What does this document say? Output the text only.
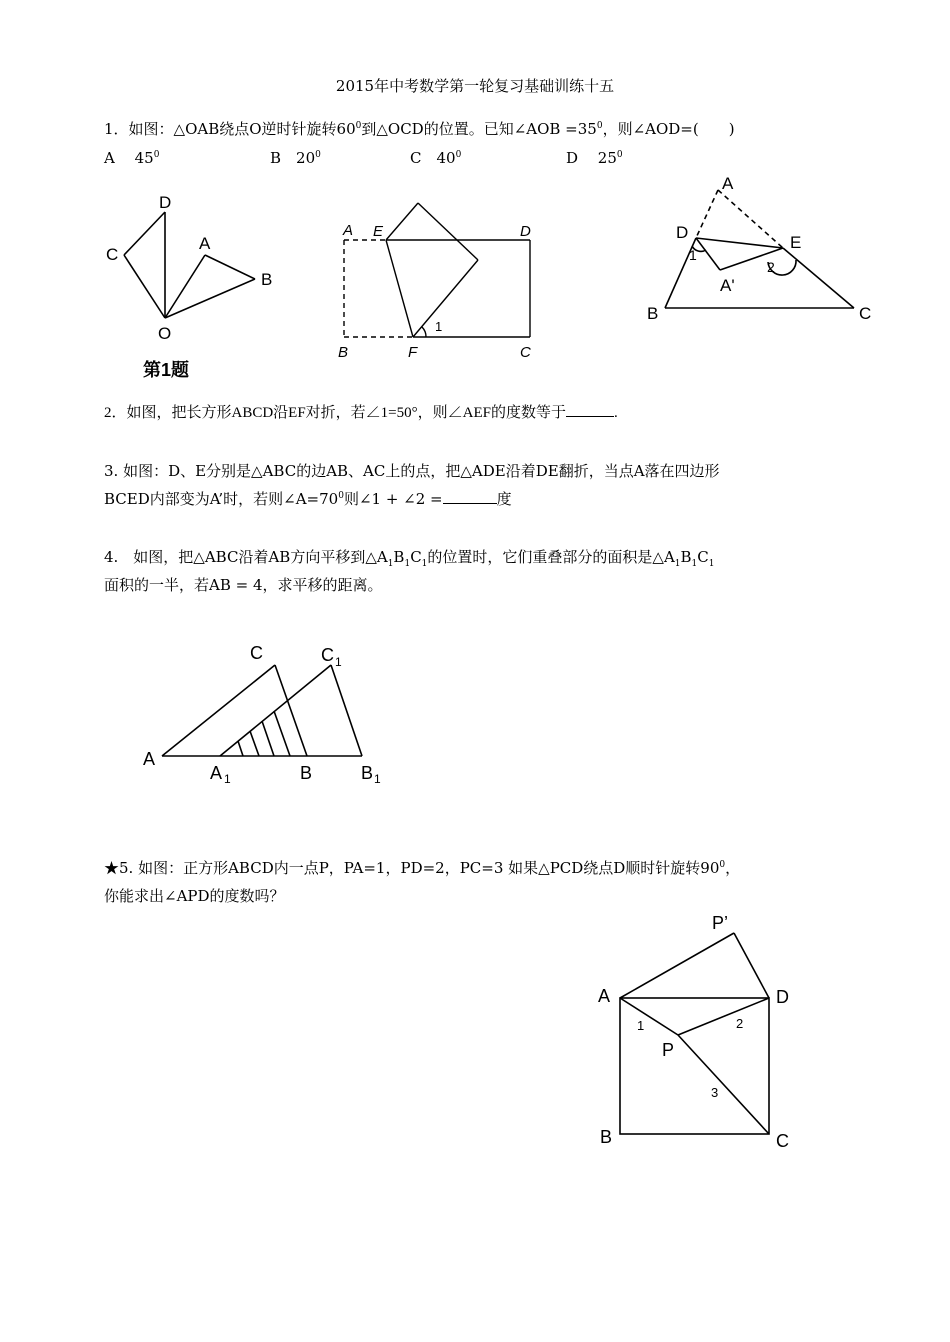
2015年中考数学第一轮复习基础训练十五
1．如图：△OAB绕点O逆时针旋转$60^0$到△OCD的位置。已知∠AOB $=35^0$，则∠AOD=(　　)
A　 $45^0$	B　$20^0$	C　$40^0$	D　 $25^0$
D
C
A
B
O
第1题
A E	D
B	F	C
1
A
D
E
A'
B	C
1
2
2．如图，把长方形ABCD沿EF对折，若∠1=50°，则∠AEF的度数等于	.
3. 如图：D、E分别是△ABC的边AB、AC上的点，把△ADE沿着DE翻折，当点A落在四边形
BCED内部变为A’时，若则$\angle A=70^0$则∠1 + ∠2 =	度
4.　如图，把△ABC沿着AB方向平移到$\triangle A_1B_1C_1$的位置时，它们重叠部分的面积是$\triangle A_1B_1C_1$
面积的一半，若AB = 4，求平移的距离。
A
C	C 1
A 1	B	B 1
★5. 如图：正方形ABCD内一点P，PA=1，PD=2，PC=3 如果△PCD绕点D顺时针旋转$90^0$，
你能求出∠APD的度数吗？
P’
A	D
P
B	C
1	2
3
